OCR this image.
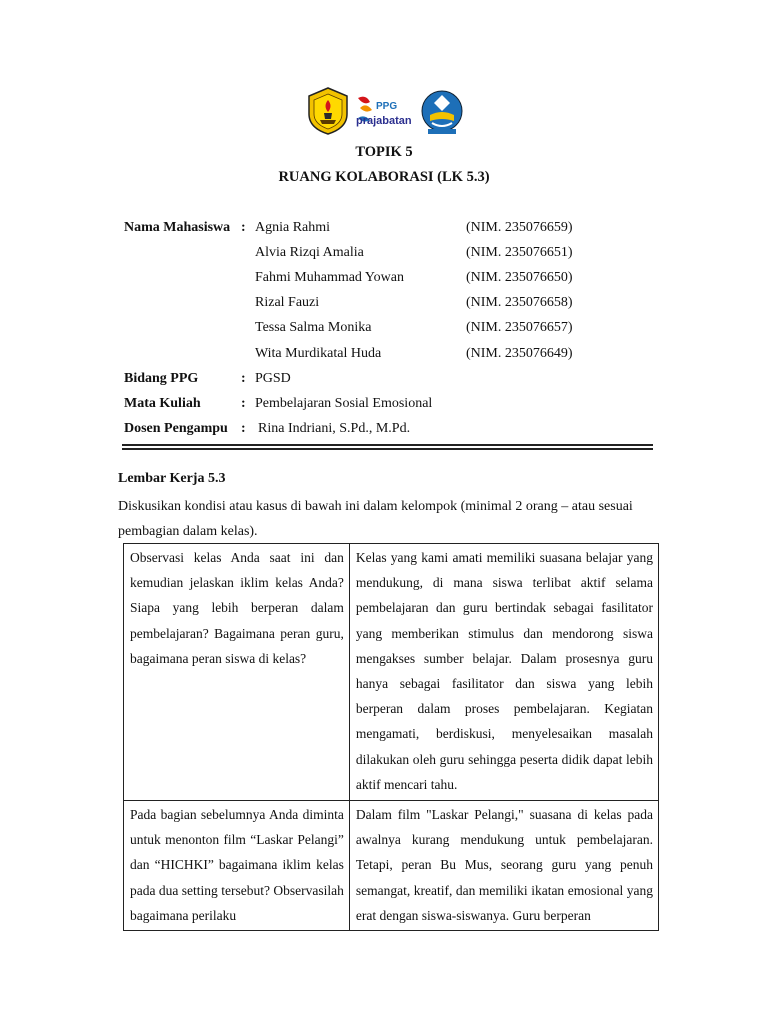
PPG
prajabatan
TOPIK 5
RUANG KOLABORASI (LK 5.3)
Nama Mahasiswa : Agnia Rahmi	(NIM. 235076659)
Alvia Rizqi Amalia	(NIM. 235076651)
Fahmi Muhammad Yowan	(NIM. 235076650)
Rizal Fauzi	(NIM. 235076658)
Tessa Salma Monika	(NIM. 235076657)
Wita Murdikatal Huda	(NIM. 235076649)
Bidang PPG	: PGSD
Mata Kuliah	: Pembelajaran Sosial Emosional
Dosen Pengampu : Rina Indriani, S.Pd., M.Pd.
Lembar Kerja 5.3
Diskusikan kondisi atau kasus di bawah ini dalam kelompok (minimal 2 orang – atau sesuai pembagian dalam kelas).
Observasi kelas Anda saat ini dan kemudian jelaskan iklim kelas Anda? Siapa yang lebih berperan dalam pembelajaran? Bagaimana peran guru, bagaimana peran siswa di kelas?	Kelas yang kami amati memiliki suasana belajar yang mendukung, di mana siswa terlibat aktif selama pembelajaran dan guru bertindak sebagai fasilitator yang memberikan stimulus dan mendorong siswa mengakses sumber belajar. Dalam prosesnya guru hanya sebagai fasilitator dan siswa yang lebih berperan dalam proses pembelajaran. Kegiatan mengamati, berdiskusi, menyelesaikan masalah dilakukan oleh guru sehingga peserta didik dapat lebih aktif mencari tahu.
Pada bagian sebelumnya Anda diminta untuk menonton film “Laskar Pelangi” dan “HICHKI” bagaimana iklim kelas pada dua setting tersebut? Observasilah bagaimana perilaku	Dalam film "Laskar Pelangi," suasana di kelas pada awalnya kurang mendukung untuk pembelajaran. Tetapi, peran Bu Mus, seorang guru yang penuh semangat, kreatif, dan memiliki ikatan emosional yang erat dengan siswa-siswanya. Guru berperan
